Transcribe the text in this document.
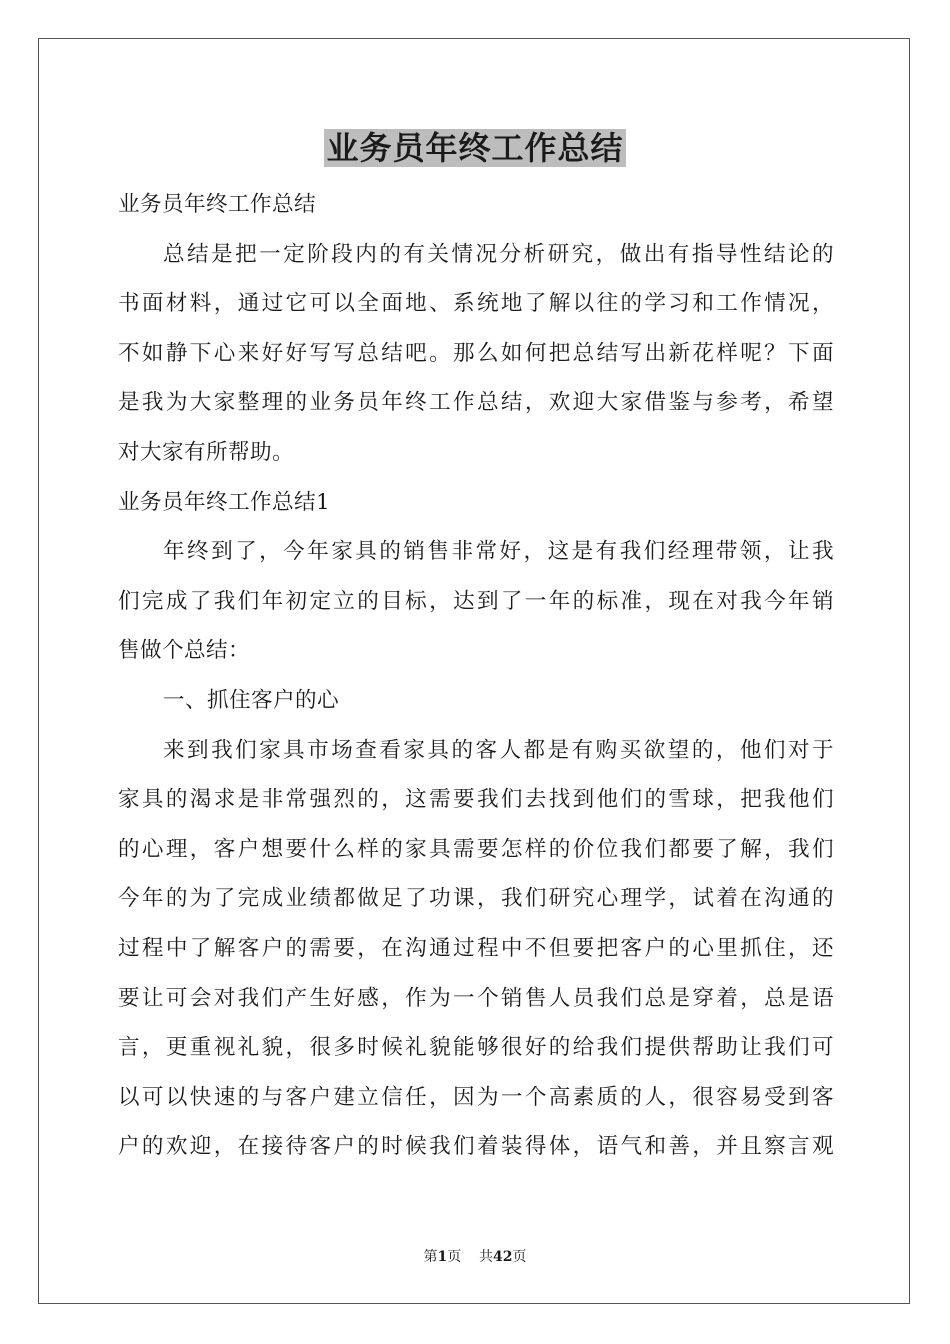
业务员年终工作总结
业务员年终工作总结
总结是把一定阶段内的有关情况分析研究，做出有指导性结论的
书面材料，通过它可以全面地、系统地了解以往的学习和工作情况，
不如静下心来好好写写总结吧。那么如何把总结写出新花样呢？下面
是我为大家整理的业务员年终工作总结，欢迎大家借鉴与参考，希望
对大家有所帮助。
业务员年终工作总结1
年终到了，今年家具的销售非常好，这是有我们经理带领，让我
们完成了我们年初定立的目标，达到了一年的标准，现在对我今年销
售做个总结：
一、抓住客户的心
来到我们家具市场查看家具的客人都是有购买欲望的，他们对于
家具的渴求是非常强烈的，这需要我们去找到他们的雪球，把我他们
的心理，客户想要什么样的家具需要怎样的价位我们都要了解，我们
今年的为了完成业绩都做足了功课，我们研究心理学，试着在沟通的
过程中了解客户的需要，在沟通过程中不但要把客户的心里抓住，还
要让可会对我们产生好感，作为一个销售人员我们总是穿着，总是语
言，更重视礼貌，很多时候礼貌能够很好的给我们提供帮助让我们可
以可以快速的与客户建立信任，因为一个高素质的人，很容易受到客
户的欢迎，在接待客户的时候我们着装得体，语气和善，并且察言观
第1页 共42页
